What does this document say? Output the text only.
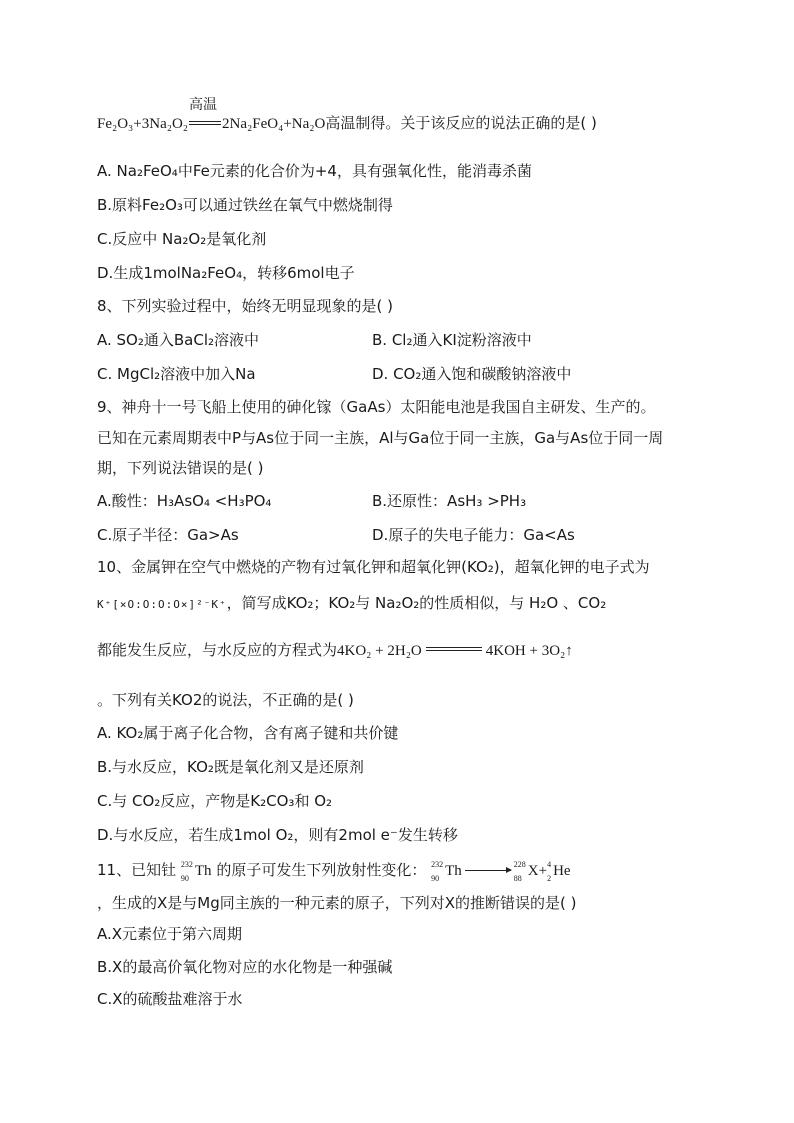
Fe₂O₃+3Na₂O₂
高温
2Na₂FeO₄+Na₂O高温制得。关于该反应的说法正确的是( )
A. Na₂FeO₄中Fe元素的化合价为+4，具有强氧化性，能消毒杀菌
B.原料Fe₂O₃可以通过铁丝在氧气中燃烧制得
C.反应中 Na₂O₂是氧化剂
D.生成1molNa₂FeO₄，转移6mol电子
8、下列实验过程中，始终无明显现象的是( )
A. SO₂通入BaCl₂溶液中	B. Cl₂通入KI淀粉溶液中
C. MgCl₂溶液中加入Na	D. CO₂通入饱和碳酸钠溶液中
9、神舟十一号飞船上使用的砷化镓（GaAs）太阳能电池是我国自主研发、生产的。
已知在元素周期表中P与As位于同一主族，Al与Ga位于同一主族，Ga与As位于同一周
期，下列说法错误的是( )
A.酸性：H₃AsO₄ <H₃PO₄	B.还原性：AsH₃ >PH₃
C.原子半径：Ga>As	D.原子的失电子能力：Ga<As
10、金属钾在空气中燃烧的产物有过氧化钾和超氧化钾(KO₂)，超氧化钾的电子式为
K⁺[×O:O:O:O×]²⁻K⁺，简写成KO₂；KO₂与 Na₂O₂的性质相似，与 H₂O 、CO₂
都能发生反应，与水反应的方程式为4KO₂ + 2H₂O	4KOH + 3O₂↑
。下列有关KO2的说法，不正确的是( )
A. KO₂属于离子化合物，含有离子键和共价键
B.与水反应，KO₂既是氧化剂又是还原剂
C.与 CO₂反应，产物是K₂CO₃和 O₂
D.与水反应，若生成1mol O₂，则有2mol e⁻发生转移
11、已知钍 232
90 Th 的原子可发生下列放射性变化： 232
90 Th	228
88 X+ 4
2 He
，生成的X是与Mg同主族的一种元素的原子，下列对X的推断错误的是( )
A.X元素位于第六周期
B.X的最高价氧化物对应的水化物是一种强碱
C.X的硫酸盐难溶于水
